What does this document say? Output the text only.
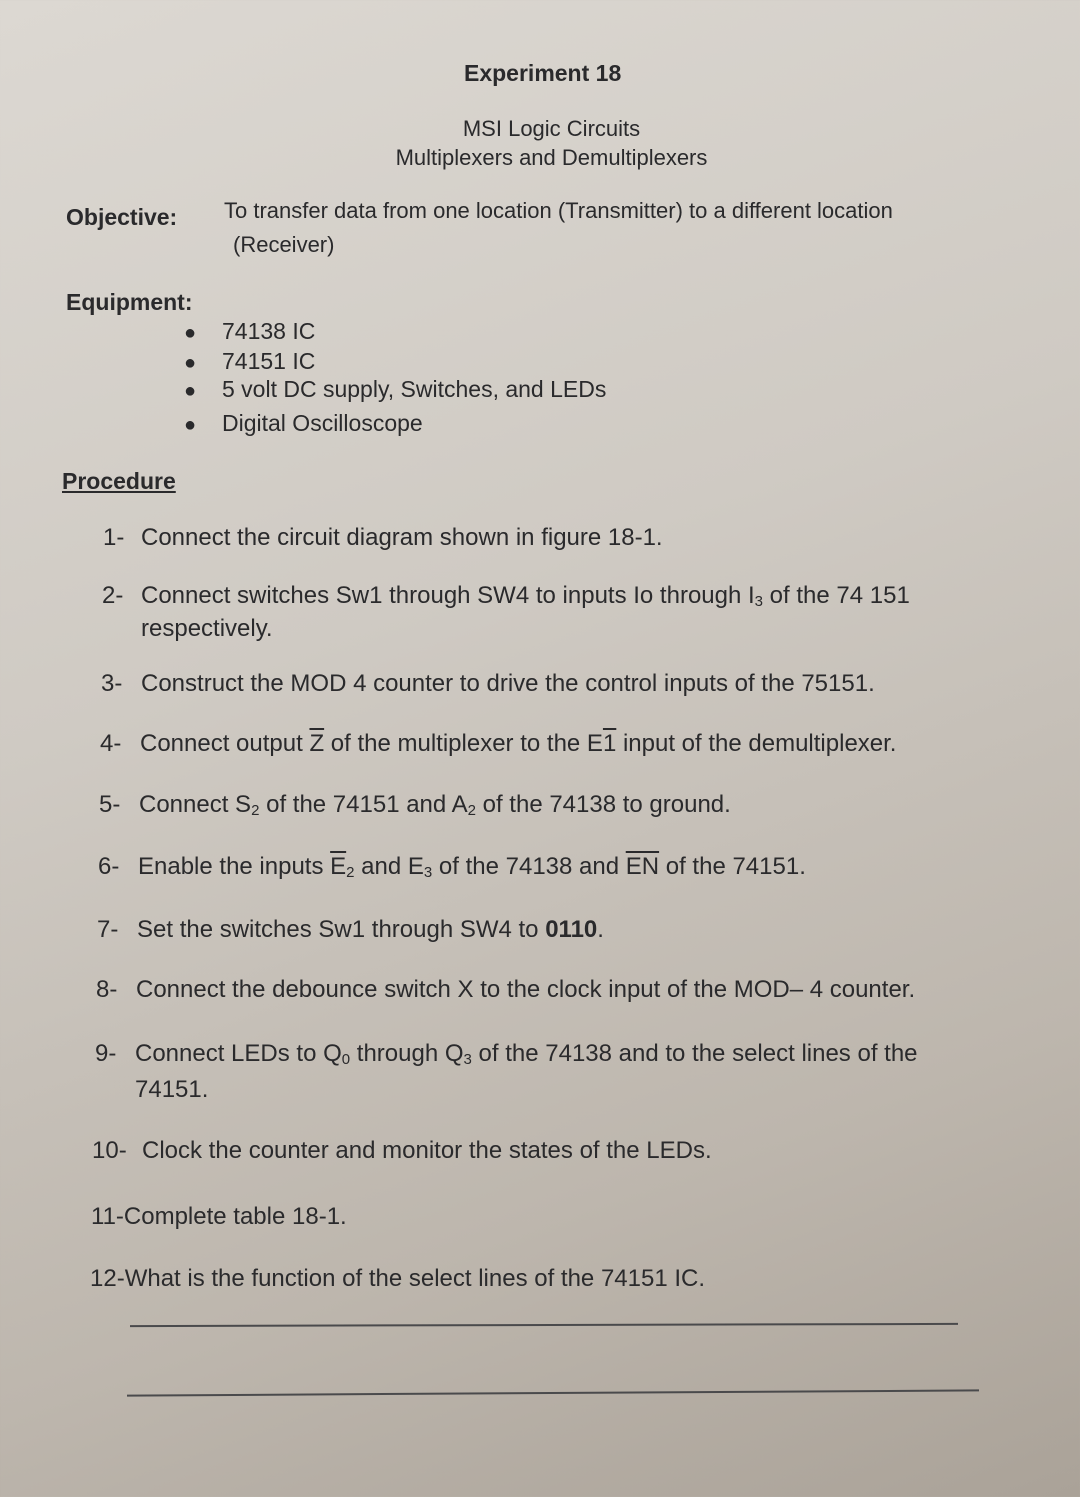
Experiment 18
MSI Logic Circuits
Multiplexers and Demultiplexers
Objective: To transfer data from one location (Transmitter) to a different location
(Receiver)
Equipment:
● 74138 IC
● 74151 IC
● 5 volt DC supply, Switches, and LEDs
● Digital Oscilloscope
Procedure
1- Connect the circuit diagram shown in figure 18-1.
2- Connect switches Sw1 through SW4 to inputs Io through $I_3$ of the 74 151
respectively.
3- Construct the MOD 4 counter to drive the control inputs of the 75151.
4- Connect output $\overline{Z}$ of the multiplexer to the E1 input of the demultiplexer.
5- Connect $S_2$ of the 74151 and $A_2$ of the 74138 to ground.
6- Enable the inputs $\overline{E}_2$ and $E_3$ of the 74138 and $\overline{EN}$ of the 74151.
7- Set the switches Sw1 through SW4 to 0110.
8- Connect the debounce switch X to the clock input of the MOD– 4 counter.
9- Connect LEDs to $Q_0$ through $Q_3$ of the 74138 and to the select lines of the
74151.
10- Clock the counter and monitor the states of the LEDs.
11-Complete table 18-1.
12-What is the function of the select lines of the 74151 IC.
